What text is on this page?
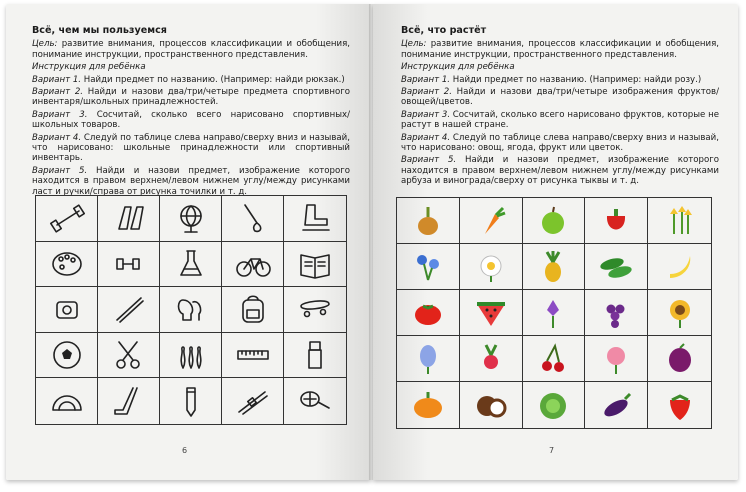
Всё, чем мы пользуемся

Цель: развитие внимания, процессов классификации и обобщения, понимание инструкции, пространственного представления.

Инструкция для ребёнка

Вариант 1. Найди предмет по названию. (Например: найди рюкзак.)

Вариант 2. Найди и назови два/три/четыре предмета спортивного инвентаря/школьных принадлежностей.

Вариант 3. Сосчитай, сколько всего нарисовано спортивных/школьных товаров.

Вариант 4. Следуй по таблице слева направо/сверху вниз и называй, что нарисовано: школьные принадлежности или спортивный инвентарь.

Вариант 5. Найди и назови предмет, изображение которого находится в правом верхнем/левом нижнем углу/между рисунками ласт и ручки/справа от рисунка точилки и т. д.

6
Всё, что растёт

Цель: развитие внимания, процессов классификации и обобщения, понимание инструкции, пространственного представления.

Инструкция для ребёнка

Вариант 1. Найди предмет по названию. (Например: найди розу.)

Вариант 2. Найди и назови два/три/четыре изображения фруктов/овощей/цветов.

Вариант 3. Сосчитай, сколько всего нарисовано фруктов, которые не растут в нашей стране.

Вариант 4. Следуй по таблице слева направо/сверху вниз и называй, что нарисовано: овощ, ягода, фрукт или цветок.

Вариант 5. Найди и назови предмет, изображение которого находится в правом верхнем/левом нижнем углу/между рисунками арбуза и винограда/сверху от рисунка тыквы и т. д.

7
